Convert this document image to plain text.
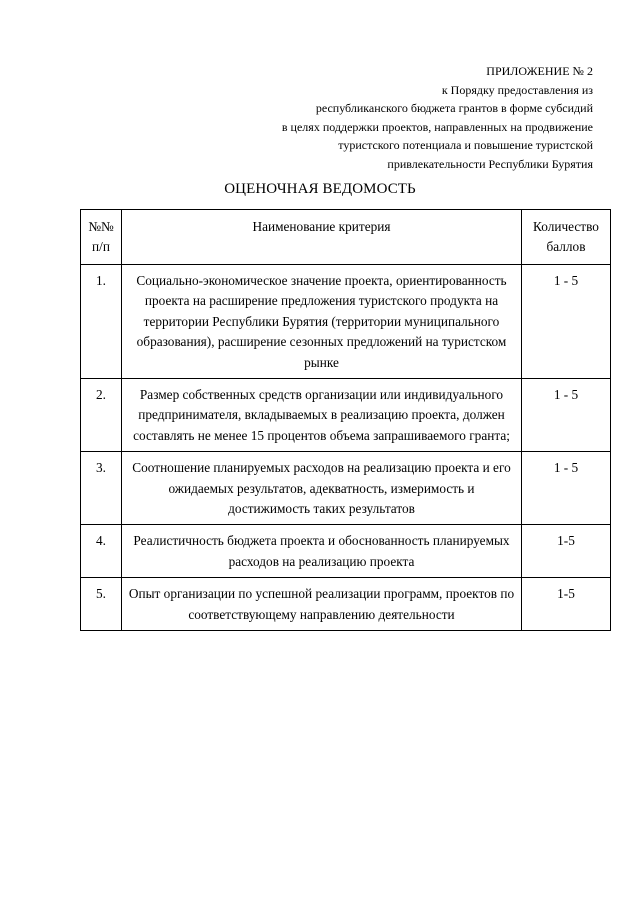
ПРИЛОЖЕНИЕ № 2
к Порядку предоставления из
республиканского бюджета грантов в форме субсидий
в целях поддержки проектов, направленных на продвижение
туристского потенциала и повышение туристской
привлекательности Республики Бурятия
ОЦЕНОЧНАЯ ВЕДОМОСТЬ
№№ п/п	Наименование критерия	Количество баллов
1.	Социально-экономическое значение проекта, ориентированность проекта на расширение предложения туристского продукта на территории Республики Бурятия (территории муниципального образования), расширение сезонных предложений на туристском рынке	1 - 5
2.	Размер собственных средств организации или индивидуального предпринимателя, вкладываемых в реализацию проекта, должен составлять не менее 15 процентов объема запрашиваемого гранта;	1 - 5
3.	Соотношение планируемых расходов на реализацию проекта и его ожидаемых результатов, адекватность, измеримость и достижимость таких результатов	1 - 5
4.	Реалистичность бюджета проекта и обоснованность планируемых расходов на реализацию проекта	1-5
5.	Опыт организации по успешной реализации программ, проектов по соответствующему направлению деятельности	1-5
